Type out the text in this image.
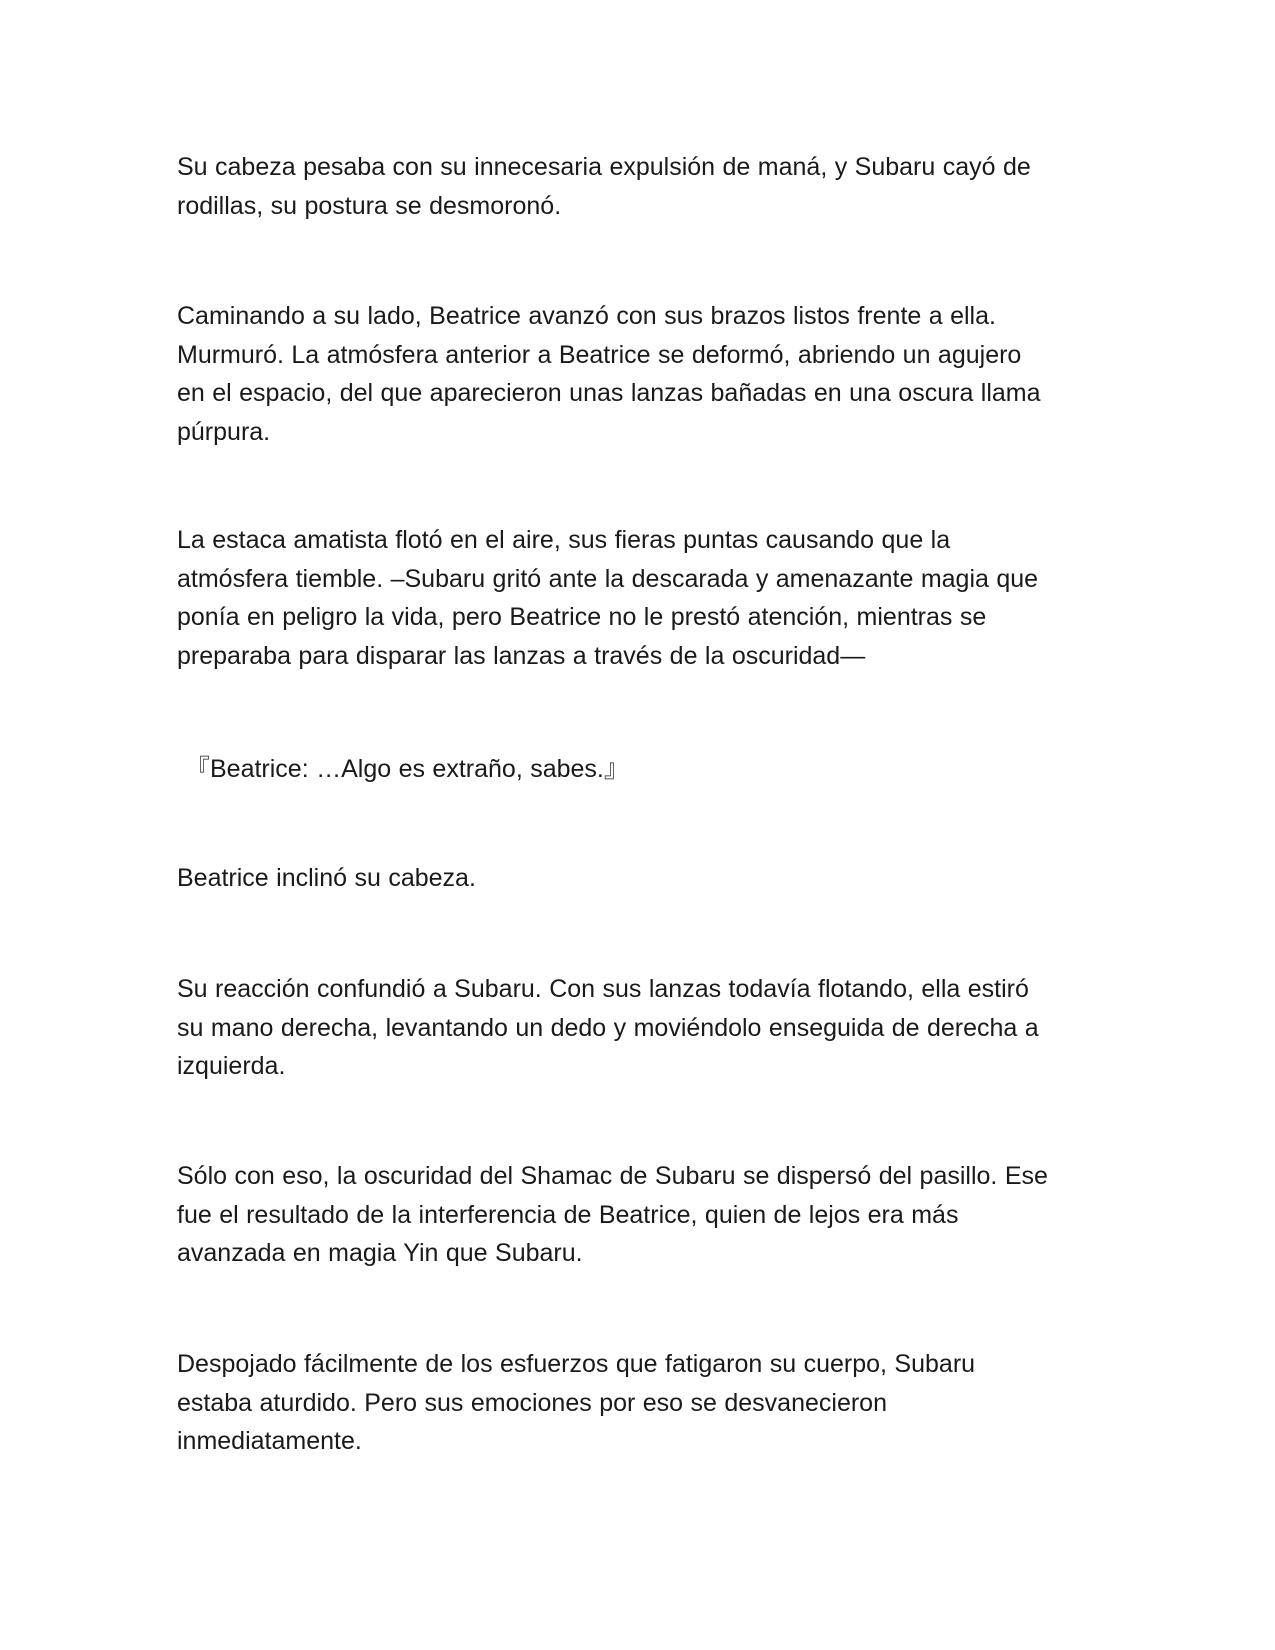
Su cabeza pesaba con su innecesaria expulsión de maná, y Subaru cayó de
rodillas, su postura se desmoronó.

Caminando a su lado, Beatrice avanzó con sus brazos listos frente a ella.
Murmuró. La atmósfera anterior a Beatrice se deformó, abriendo un agujero
en el espacio, del que aparecieron unas lanzas bañadas en una oscura llama
púrpura.

La estaca amatista flotó en el aire, sus fieras puntas causando que la
atmósfera tiemble. –Subaru gritó ante la descarada y amenazante magia que
ponía en peligro la vida, pero Beatrice no le prestó atención, mientras se
preparaba para disparar las lanzas a través de la oscuridad—

『Beatrice: …Algo es extraño, sabes.』

Beatrice inclinó su cabeza.

Su reacción confundió a Subaru. Con sus lanzas todavía flotando, ella estiró
su mano derecha, levantando un dedo y moviéndolo enseguida de derecha a
izquierda.

Sólo con eso, la oscuridad del Shamac de Subaru se dispersó del pasillo. Ese
fue el resultado de la interferencia de Beatrice, quien de lejos era más
avanzada en magia Yin que Subaru.

Despojado fácilmente de los esfuerzos que fatigaron su cuerpo, Subaru
estaba aturdido. Pero sus emociones por eso se desvanecieron
inmediatamente.
